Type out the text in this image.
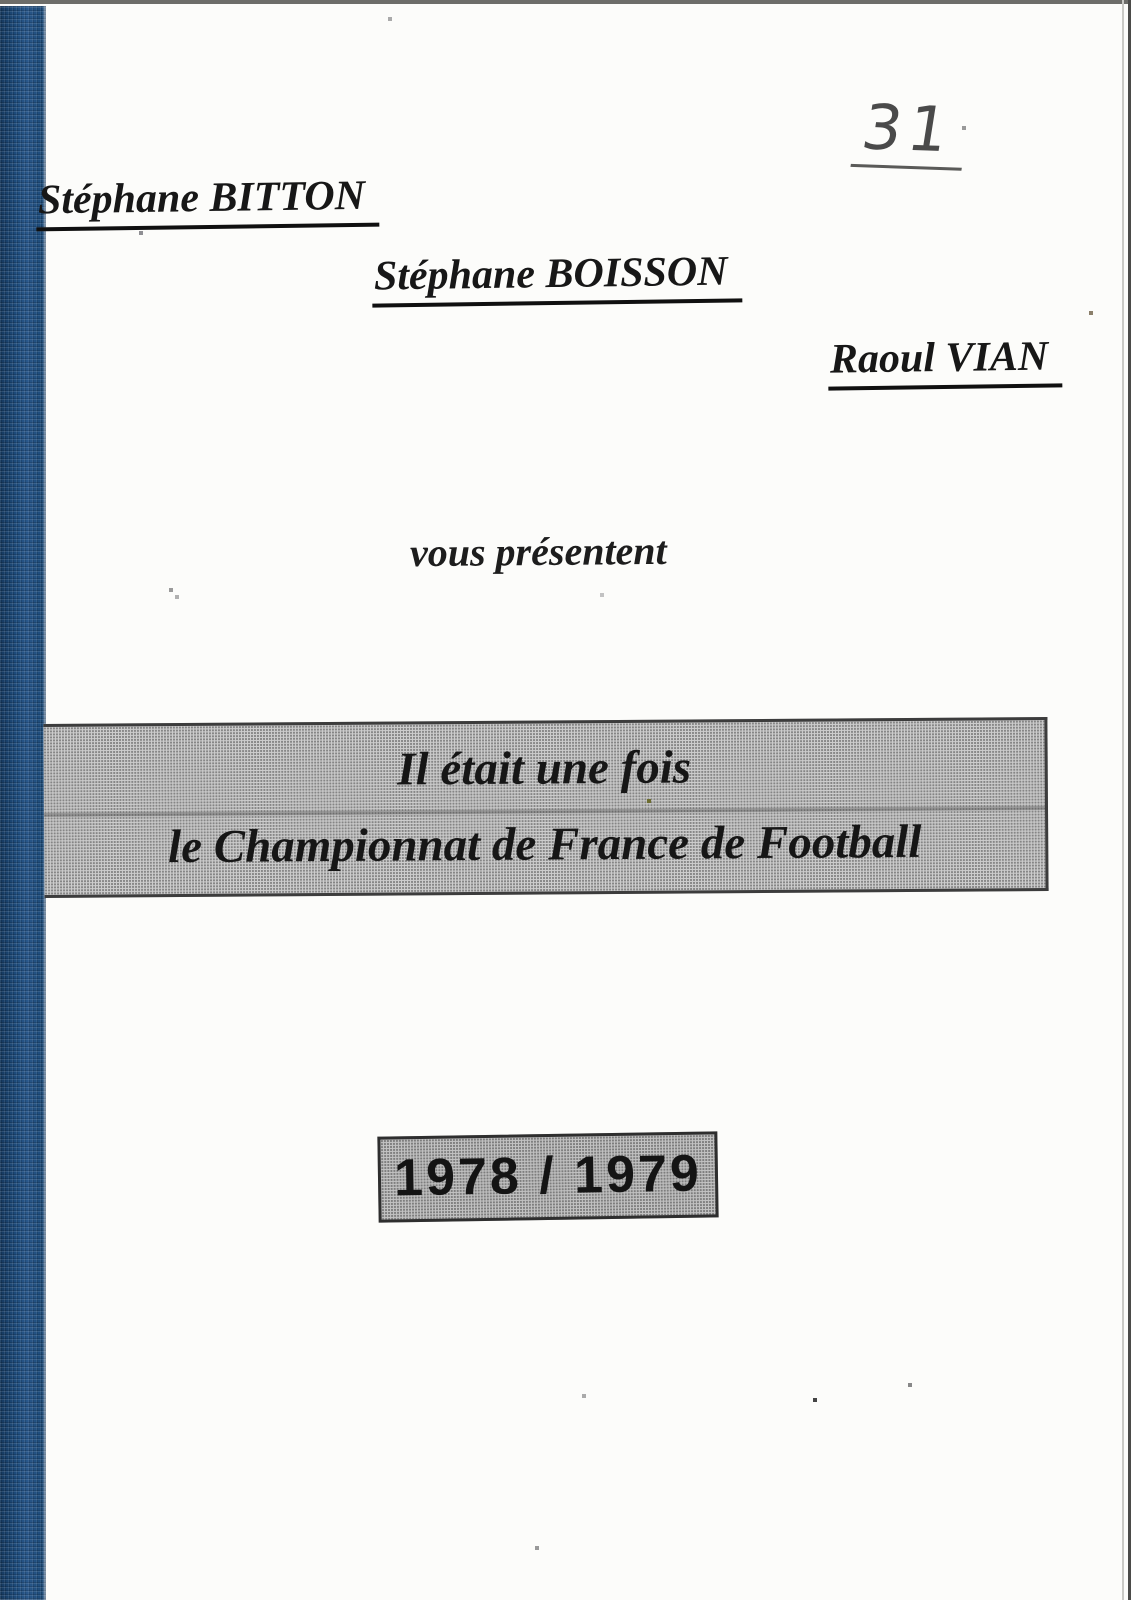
31
Stéphane BITTON
Stéphane BOISSON
Raoul VIAN
vous présentent
Il était une fois
le Championnat de France de Football
1978 / 1979
